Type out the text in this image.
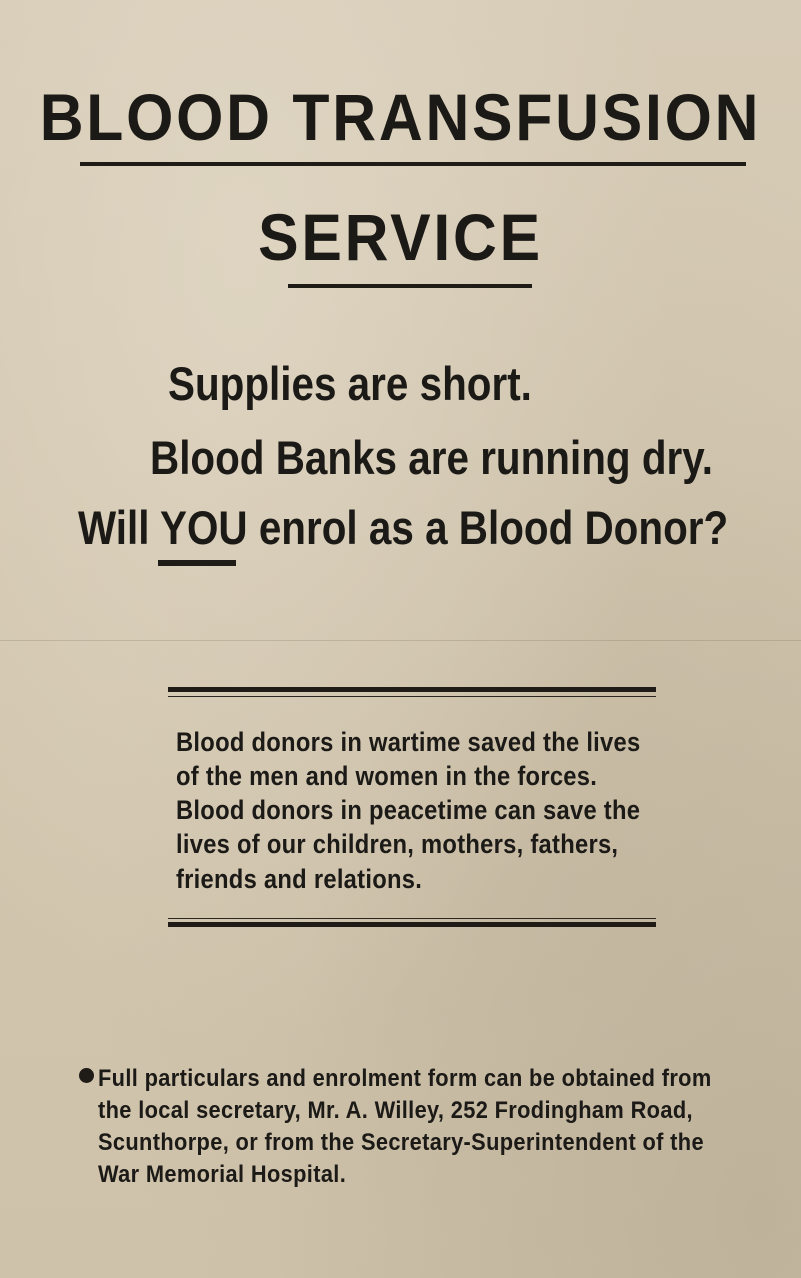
BLOOD TRANSFUSION
SERVICE

Supplies are short.

Blood Banks are running dry.

Will YOU enrol as a Blood Donor?

Blood donors in wartime saved the lives

of the men and women in the forces.

Blood donors in peacetime can save the

lives of our children, mothers, fathers,

friends and relations.

Full particulars and enrolment form can be obtained from

the local secretary, Mr. A. Willey, 252 Frodingham Road,

Scunthorpe, or from the Secretary-Superintendent of the

War Memorial Hospital.
